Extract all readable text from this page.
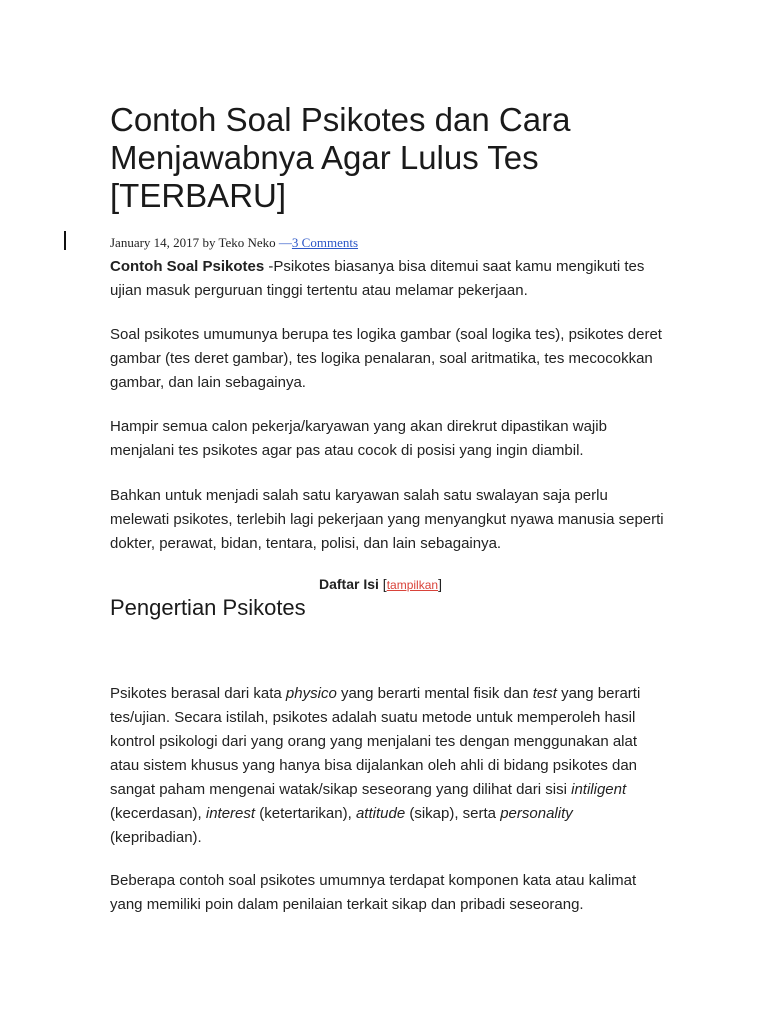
Contoh Soal Psikotes dan Cara Menjawabnya Agar Lulus Tes [TERBARU]
January 14, 2017 by Teko Neko —3 Comments

Contoh Soal Psikotes -Psikotes biasanya bisa ditemui saat kamu mengikuti tes ujian masuk perguruan tinggi tertentu atau melamar pekerjaan.

Soal psikotes umumunya berupa tes logika gambar (soal logika tes), psikotes deret gambar (tes deret gambar), tes logika penalaran, soal aritmatika, tes mecocokkan gambar, dan lain sebagainya.

Hampir semua calon pekerja/karyawan yang akan direkrut dipastikan wajib menjalani tes psikotes agar pas atau cocok di posisi yang ingin diambil.

Bahkan untuk menjadi salah satu karyawan salah satu swalayan saja perlu melewati psikotes, terlebih lagi pekerjaan yang menyangkut nyawa manusia seperti dokter, perawat, bidan, tentara, polisi, dan lain sebagainya.

Daftar Isi [tampilkan]
Pengertian Psikotes

Psikotes berasal dari kata physico yang berarti mental fisik dan test yang berarti tes/ujian. Secara istilah, psikotes adalah suatu metode untuk memperoleh hasil kontrol psikologi dari yang orang yang menjalani tes dengan menggunakan alat atau sistem khusus yang hanya bisa dijalankan oleh ahli di bidang psikotes dan sangat paham mengenai watak/sikap seseorang yang dilihat dari sisi intiligent (kecerdasan), interest (ketertarikan), attitude (sikap), serta personality (kepribadian).

Beberapa contoh soal psikotes umumnya terdapat komponen kata atau kalimat yang memiliki poin dalam penilaian terkait sikap dan pribadi seseorang.
